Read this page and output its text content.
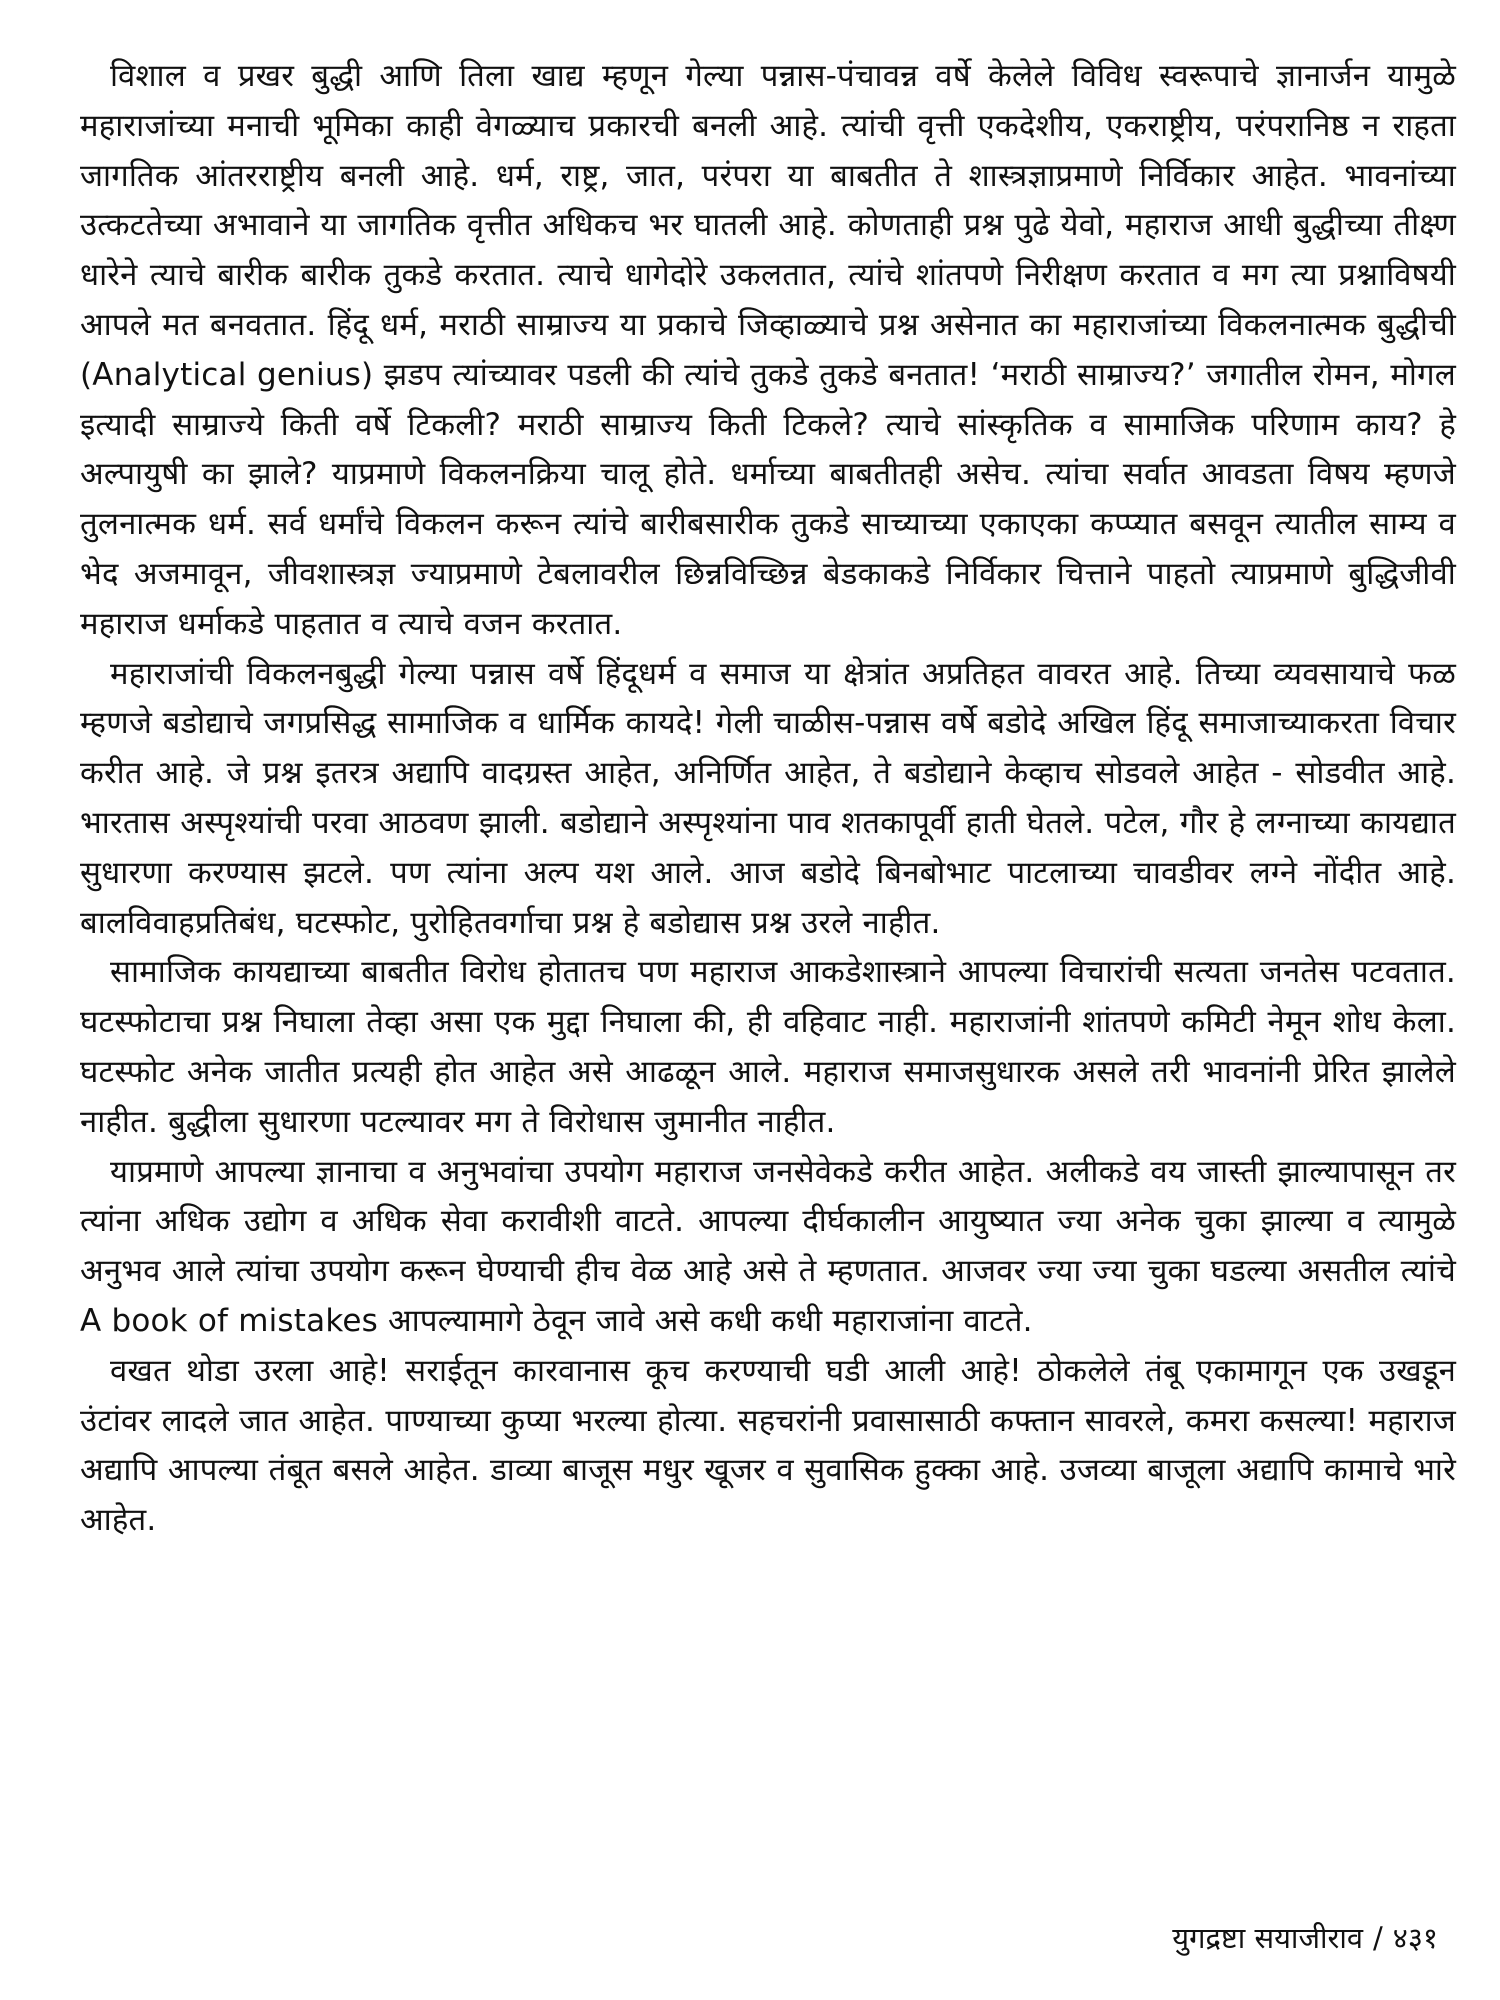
विशाल व प्रखर बुद्धी आणि तिला खाद्य म्हणून गेल्या पन्नास-पंचावन्न वर्षे केलेले विविध स्वरूपाचे ज्ञानार्जन यामुळे महाराजांच्या मनाची भूमिका काही वेगळ्याच प्रकारची बनली आहे. त्यांची वृत्ती एकदेशीय, एकराष्ट्रीय, परंपरानिष्ठ न राहता जागतिक आंतरराष्ट्रीय बनली आहे. धर्म, राष्ट्र, जात, परंपरा या बाबतीत ते शास्त्रज्ञाप्रमाणे निर्विकार आहेत. भावनांच्या उत्कटतेच्या अभावाने या जागतिक वृत्तीत अधिकच भर घातली आहे. कोणताही प्रश्न पुढे येवो, महाराज आधी बुद्धीच्या तीक्ष्ण धारेने त्याचे बारीक बारीक तुकडे करतात. त्याचे धागेदोरे उकलतात, त्यांचे शांतपणे निरीक्षण करतात व मग त्या प्रश्नाविषयी आपले मत बनवतात. हिंदू धर्म, मराठी साम्राज्य या प्रकाचे जिव्हाळ्याचे प्रश्न असेनात का महाराजांच्या विकलनात्मक बुद्धीची (Analytical genius) झडप त्यांच्यावर पडली की त्यांचे तुकडे तुकडे बनतात! ‘मराठी साम्राज्य?’ जगातील रोमन, मोगल इत्यादी साम्राज्ये किती वर्षे टिकली? मराठी साम्राज्य किती टिकले? त्याचे सांस्कृतिक व सामाजिक परिणाम काय? हे अल्पायुषी का झाले? याप्रमाणे विकलनक्रिया चालू होते. धर्माच्या बाबतीतही असेच. त्यांचा सर्वात आवडता विषय म्हणजे तुलनात्मक धर्म. सर्व धर्मांचे विकलन करून त्यांचे बारीबसारीक तुकडे साच्याच्या एकाएका कप्प्यात बसवून त्यातील साम्य व भेद अजमावून, जीवशास्त्रज्ञ ज्याप्रमाणे टेबलावरील छिन्नविच्छिन्न बेडकाकडे निर्विकार चित्ताने पाहतो त्याप्रमाणे बुद्धिजीवी महाराज धर्माकडे पाहतात व त्याचे वजन करतात.

महाराजांची विकलनबुद्धी गेल्या पन्नास वर्षे हिंदूधर्म व समाज या क्षेत्रांत अप्रतिहत वावरत आहे. तिच्या व्यवसायाचे फळ म्हणजे बडोद्याचे जगप्रसिद्ध सामाजिक व धार्मिक कायदे! गेली चाळीस-पन्नास वर्षे बडोदे अखिल हिंदू समाजाच्याकरता विचार करीत आहे. जे प्रश्न इतरत्र अद्यापि वादग्रस्त आहेत, अनिर्णित आहेत, ते बडोद्याने केव्हाच सोडवले आहेत - सोडवीत आहे. भारतास अस्पृश्यांची परवा आठवण झाली. बडोद्याने अस्पृश्यांना पाव शतकापूर्वी हाती घेतले. पटेल, गौर हे लग्नाच्या कायद्यात सुधारणा करण्यास झटले. पण त्यांना अल्प यश आले. आज बडोदे बिनबोभाट पाटलाच्या चावडीवर लग्ने नोंदीत आहे. बालविवाहप्रतिबंध, घटस्फोट, पुरोहितवर्गाचा प्रश्न हे बडोद्यास प्रश्न उरले नाहीत.

सामाजिक कायद्याच्या बाबतीत विरोध होतातच पण महाराज आकडेशास्त्राने आपल्या विचारांची सत्यता जनतेस पटवतात. घटस्फोटाचा प्रश्न निघाला तेव्हा असा एक मुद्दा निघाला की, ही वहिवाट नाही. महाराजांनी शांतपणे कमिटी नेमून शोध केला. घटस्फोट अनेक जातीत प्रत्यही होत आहेत असे आढळून आले. महाराज समाजसुधारक असले तरी भावनांनी प्रेरित झालेले नाहीत. बुद्धीला सुधारणा पटल्यावर मग ते विरोधास जुमानीत नाहीत.

याप्रमाणे आपल्या ज्ञानाचा व अनुभवांचा उपयोग महाराज जनसेवेकडे करीत आहेत. अलीकडे वय जास्ती झाल्यापासून तर त्यांना अधिक उद्योग व अधिक सेवा करावीशी वाटते. आपल्या दीर्घकालीन आयुष्यात ज्या अनेक चुका झाल्या व त्यामुळे अनुभव आले त्यांचा उपयोग करून घेण्याची हीच वेळ आहे असे ते म्हणतात. आजवर ज्या ज्या चुका घडल्या असतील त्यांचे A book of mistakes आपल्यामागे ठेवून जावे असे कधी कधी महाराजांना वाटते.

वखत थोडा उरला आहे! सराईतून कारवानास कूच करण्याची घडी आली आहे! ठोकलेले तंबू एकामागून एक उखडून उंटांवर लादले जात आहेत. पाण्याच्या कुप्या भरल्या होत्या. सहचरांनी प्रवासासाठी कफ्तान सावरले, कमरा कसल्या! महाराज अद्यापि आपल्या तंबूत बसले आहेत. डाव्या बाजूस मधुर खूजर व सुवासिक हुक्का आहे. उजव्या बाजूला अद्यापि कामाचे भारे आहेत.

युगद्रष्टा सयाजीराव / ४३१
